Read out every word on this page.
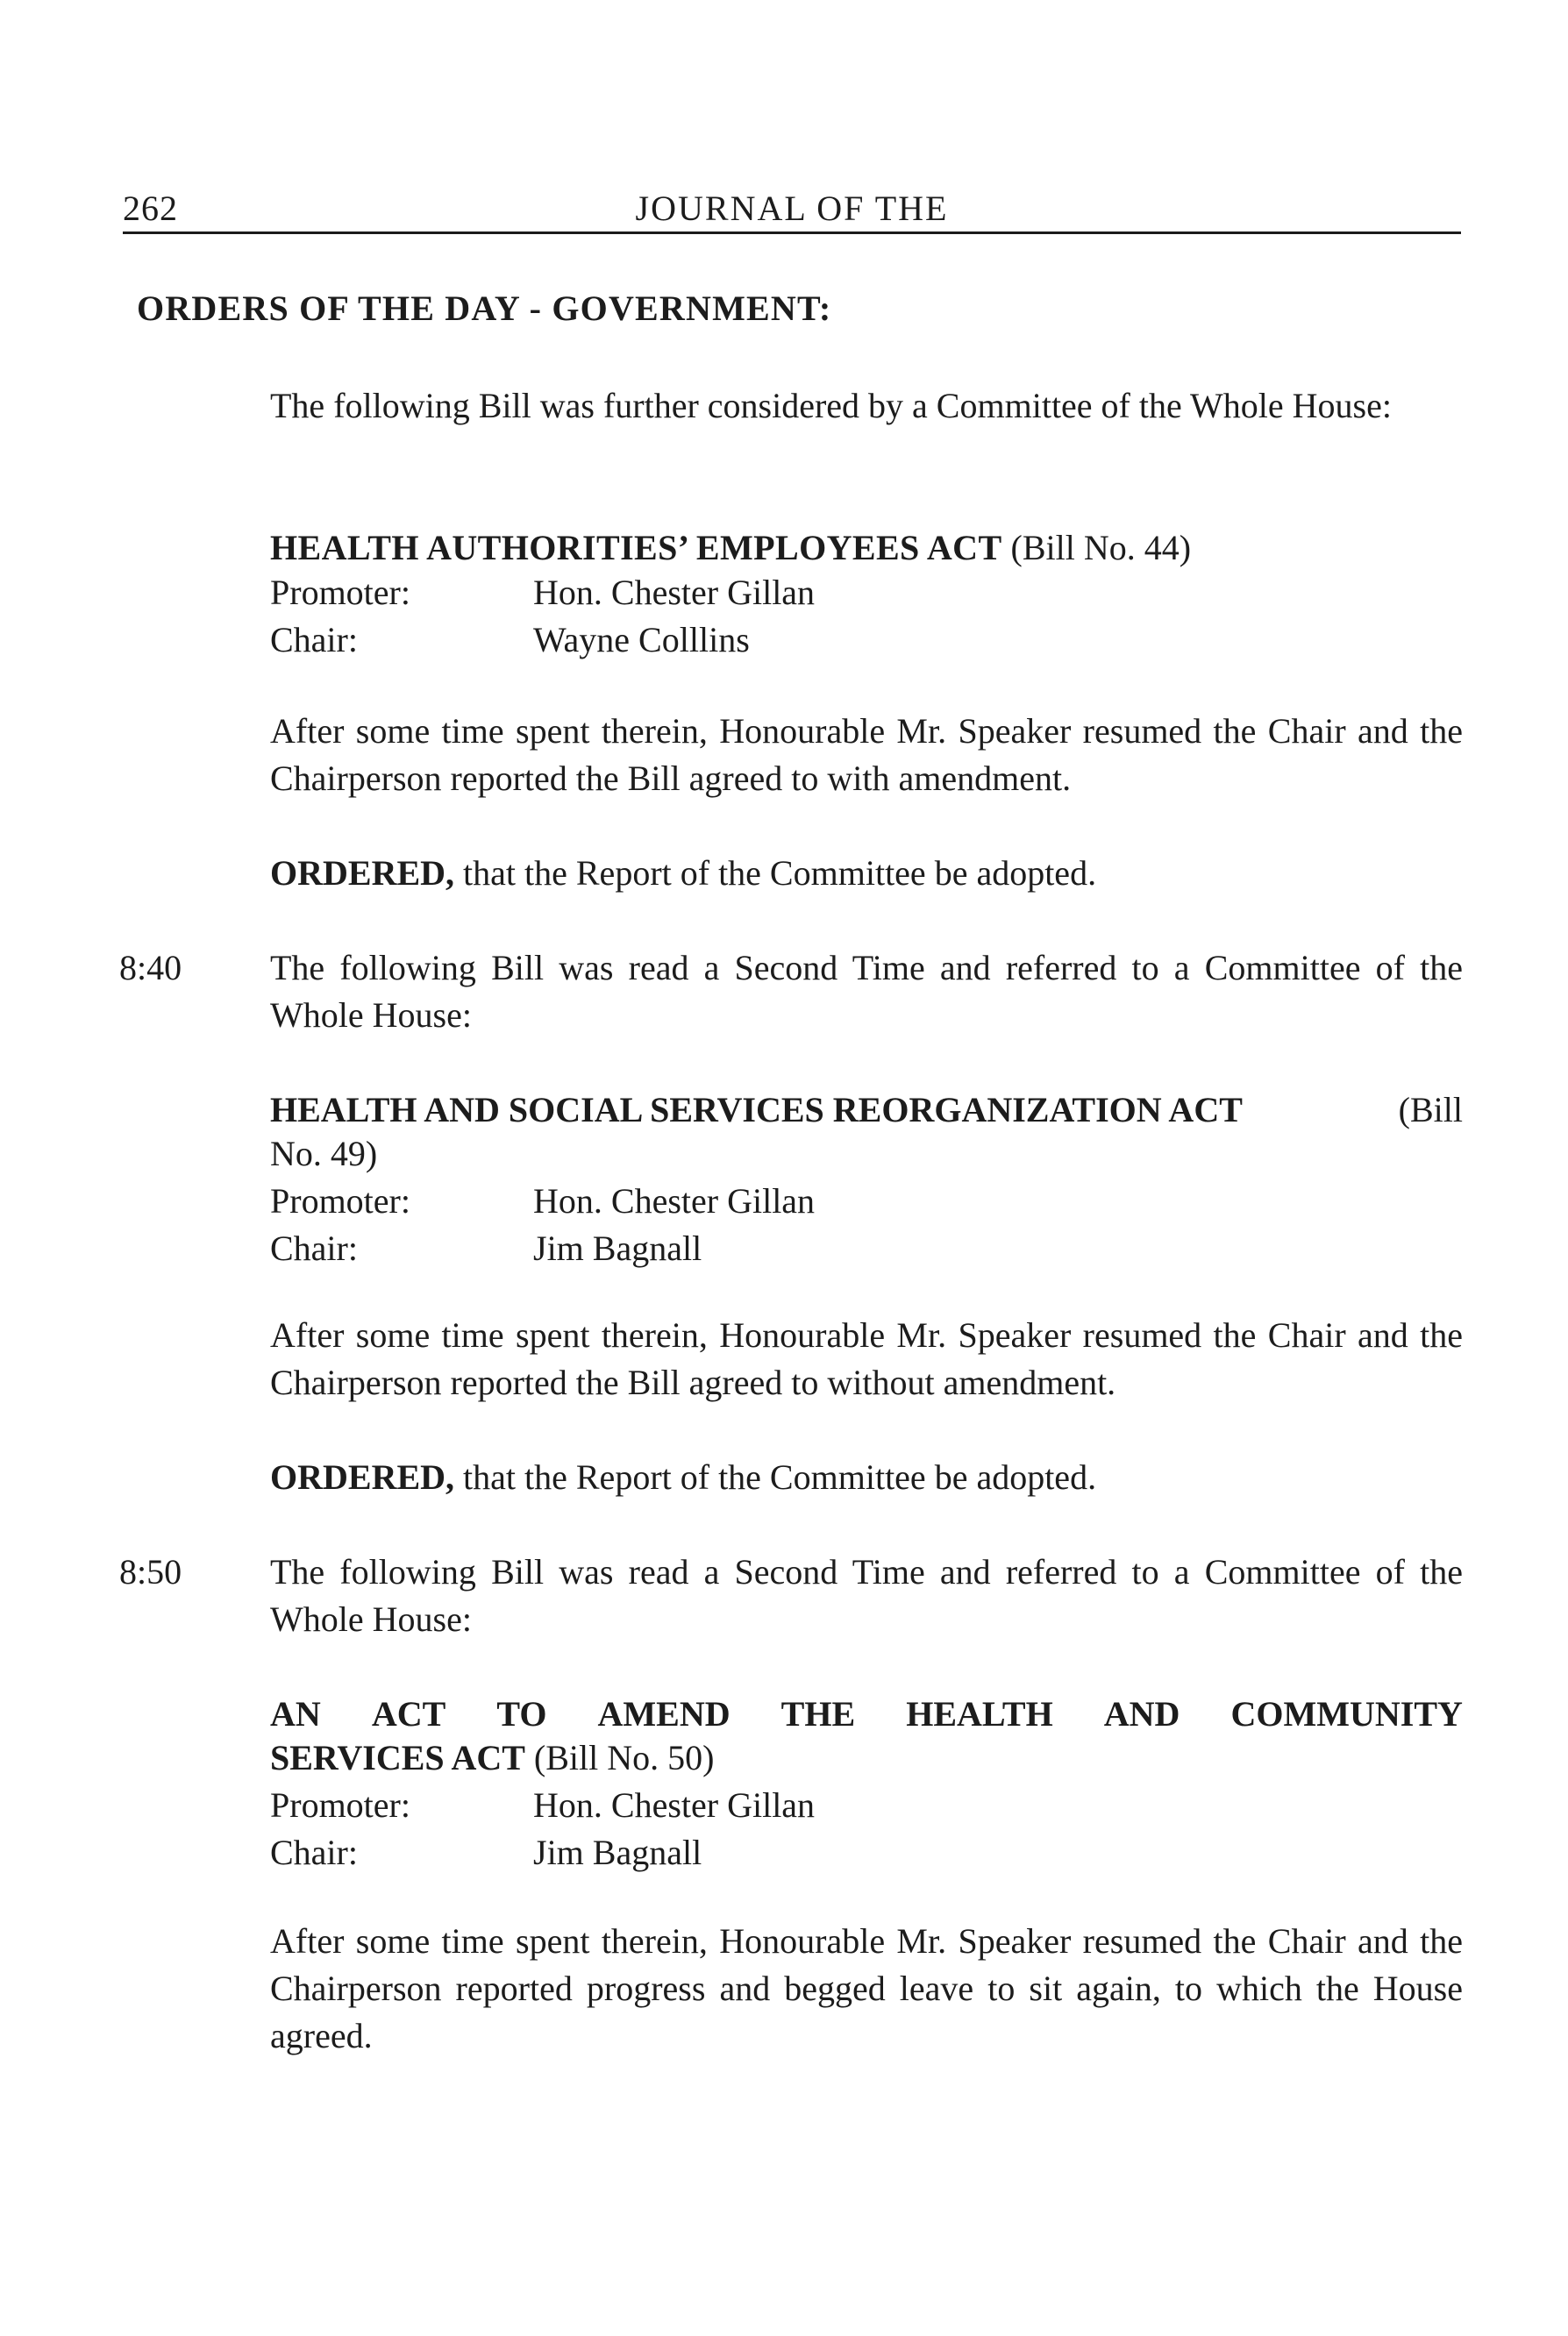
262	JOURNAL OF THE
ORDERS OF THE DAY - GOVERNMENT:
The following Bill was further considered by a Committee of the Whole House:
HEALTH AUTHORITIES’ EMPLOYEES ACT (Bill No. 44)
Promoter:	Hon. Chester Gillan
Chair:	Wayne Colllins
After some time spent therein, Honourable Mr. Speaker resumed the Chair and the Chairperson reported the Bill agreed to with amendment.
ORDERED, that the Report of the Committee be adopted.
8:40	The following Bill was read a Second Time and referred to a Committee of the Whole House:
HEALTH AND SOCIAL SERVICES REORGANIZATION ACT	(Bill
No. 49)
Promoter:	Hon. Chester Gillan
Chair:	Jim Bagnall
After some time spent therein, Honourable Mr. Speaker resumed the Chair and the Chairperson reported the Bill agreed to without amendment.
ORDERED, that the Report of the Committee be adopted.
8:50	The following Bill was read a Second Time and referred to a Committee of the Whole House:
AN ACT TO AMEND THE HEALTH AND COMMUNITY
SERVICES ACT (Bill No. 50)
Promoter:	Hon. Chester Gillan
Chair:	Jim Bagnall
After some time spent therein, Honourable Mr. Speaker resumed the Chair and the Chairperson reported progress and begged leave to sit again, to which the House agreed.
